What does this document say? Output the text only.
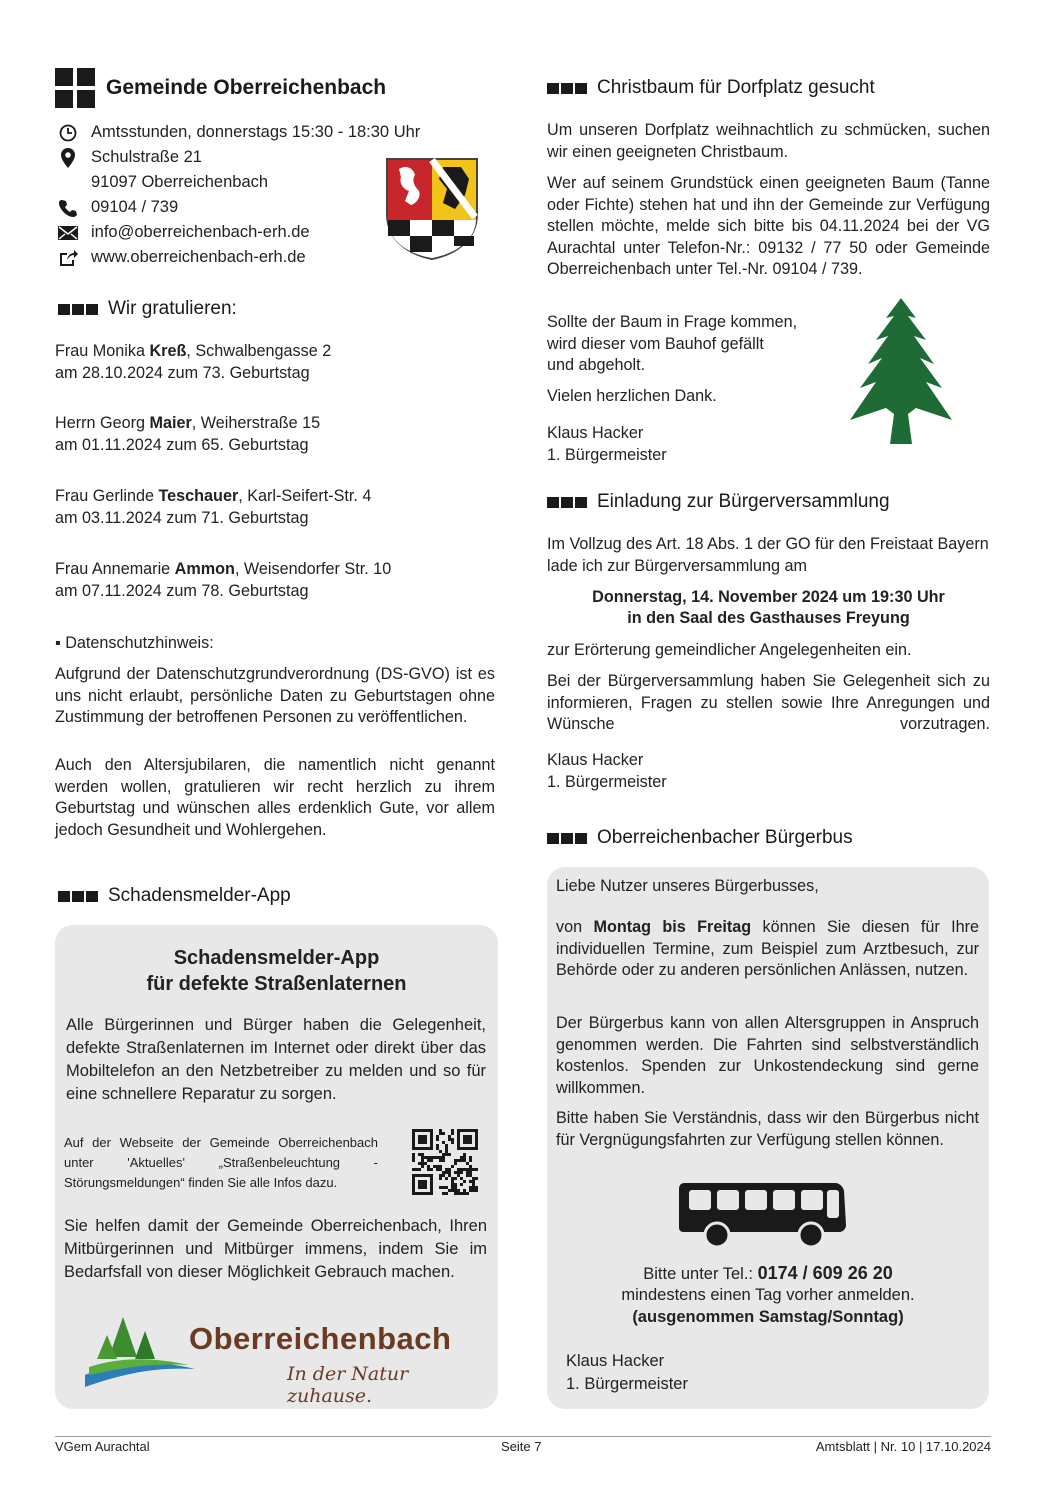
Gemeinde Oberreichenbach
Amtsstunden, donnerstags 15:30 - 18:30 Uhr
Schulstraße 21
91097 Oberreichenbach
09104 / 739
info@oberreichenbach-erh.de
www.oberreichenbach-erh.de
Wir gratulieren:
Frau Monika Kreß, Schwalbengasse 2
am 28.10.2024 zum 73. Geburtstag
Herrn Georg Maier, Weiherstraße 15
am 01.11.2024 zum 65. Geburtstag
Frau Gerlinde Teschauer, Karl-Seifert-Str. 4
am 03.11.2024 zum 71. Geburtstag
Frau Annemarie Ammon, Weisendorfer Str. 10
am 07.11.2024 zum 78. Geburtstag
▪ Datenschutzhinweis:

Aufgrund der Datenschutzgrundverordnung (DS-GVO) ist es uns nicht erlaubt, persönliche Daten zu Geburtstagen ohne Zustimmung der betroffenen Personen zu veröffentlichen.

Auch den Altersjubilaren, die namentlich nicht genannt werden wollen, gratulieren wir recht herzlich zu ihrem Geburtstag und wünschen alles erdenklich Gute, vor allem jedoch Gesundheit und Wohlergehen.

Schadensmelder-App
Schadensmelder-App
für defekte Straßenlaternen

Alle Bürgerinnen und Bürger haben die Gelegenheit, defekte Straßenlaternen im Internet oder direkt über das Mobiltelefon an den Netzbetreiber zu melden und so für eine schnellere Reparatur zu sorgen.

Auf der Webseite der Gemeinde Oberreichenbach unter 'Aktuelles' „Straßenbeleuchtung - Störungsmeldungen“ finden Sie alle Infos dazu.

Sie helfen damit der Gemeinde Oberreichenbach, Ihren Mitbürgerinnen und Mitbürger immens, indem Sie im Bedarfsfall von dieser Möglichkeit Gebrauch machen.

Oberreichenbach
In der Natur zuhause.
Christbaum für Dorfplatz gesucht

Um unseren Dorfplatz weihnachtlich zu schmücken, suchen wir einen geeigneten Christbaum.

Wer auf seinem Grundstück einen geeigneten Baum (Tanne oder Fichte) stehen hat und ihn der Gemeinde zur Verfügung stellen möchte, melde sich bitte bis 04.11.2024 bei der VG Aurachtal unter Telefon-Nr.: 09132 / 77 50 oder Gemeinde Oberreichenbach unter Tel.-Nr. 09104 / 739.

Sollte der Baum in Frage kommen,
wird dieser vom Bauhof gefällt
und abgeholt.
Vielen herzlichen Dank.
Klaus Hacker
1. Bürgermeister
Einladung zur Bürgerversammlung

Im Vollzug des Art. 18 Abs. 1 der GO für den Freistaat Bayern lade ich zur Bürgerversammlung am

Donnerstag, 14. November 2024 um 19:30 Uhr
in den Saal des Gasthauses Freyung

zur Erörterung gemeindlicher Angelegenheiten ein.

Bei der Bürgerversammlung haben Sie Gelegenheit sich zu informieren, Fragen zu stellen sowie Ihre Anregungen und Wünsche vorzutragen.

Klaus Hacker
1. Bürgermeister
Oberreichenbacher Bürgerbus
Liebe Nutzer unseres Bürgerbusses,

von Montag bis Freitag können Sie diesen für Ihre individuellen Termine, zum Beispiel zum Arztbesuch, zur Behörde oder zu anderen persönlichen Anlässen, nutzen.

Der Bürgerbus kann von allen Altersgruppen in Anspruch genommen werden. Die Fahrten sind selbstverständlich kostenlos. Spenden zur Unkostendeckung sind gerne willkommen.

Bitte haben Sie Verständnis, dass wir den Bürgerbus nicht für Vergnügungsfahrten zur Verfügung stellen können.

Bitte unter Tel.: 0174 / 609 26 20
mindestens einen Tag vorher anmelden.
(ausgenommen Samstag/Sonntag)
Klaus Hacker
1. Bürgermeister
VGem Aurachtal	Seite 7	Amtsblatt | Nr. 10 | 17.10.2024
